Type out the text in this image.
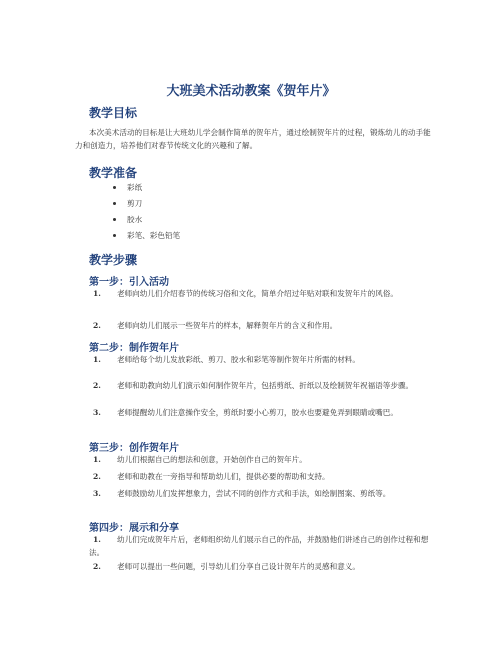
大班美术活动教案《贺年片》
教学目标

本次美术活动的目标是让大班幼儿学会制作简单的贺年片，通过绘制贺年片的过程，锻炼幼儿的动手能力和创造力，培养他们对春节传统文化的兴趣和了解。

教学准备
彩纸
剪刀
胶水
彩笔、彩色铅笔
教学步骤
第一步：引入活动
1. 老师向幼儿们介绍春节的传统习俗和文化，简单介绍过年贴对联和发贺年片的风俗。
2. 老师向幼儿们展示一些贺年片的样本，解释贺年片的含义和作用。
第二步：制作贺年片
1. 老师给每个幼儿发放彩纸、剪刀、胶水和彩笔等制作贺年片所需的材料。
2. 老师和助教向幼儿们演示如何制作贺年片，包括剪纸、折纸以及绘制贺年祝福语等步骤。
3. 老师提醒幼儿们注意操作安全，剪纸时要小心剪刀，胶水也要避免弄到眼睛或嘴巴。
第三步：创作贺年片
1. 幼儿们根据自己的想法和创意，开始创作自己的贺年片。
2. 老师和助教在一旁指导和帮助幼儿们，提供必要的帮助和支持。
3. 老师鼓励幼儿们发挥想象力，尝试不同的创作方式和手法，如绘制图案、剪纸等。
第四步：展示和分享
1. 幼儿们完成贺年片后，老师组织幼儿们展示自己的作品，并鼓励他们讲述自己的创作过程和想法。
2. 老师可以提出一些问题，引导幼儿们分享自己设计贺年片的灵感和意义。
